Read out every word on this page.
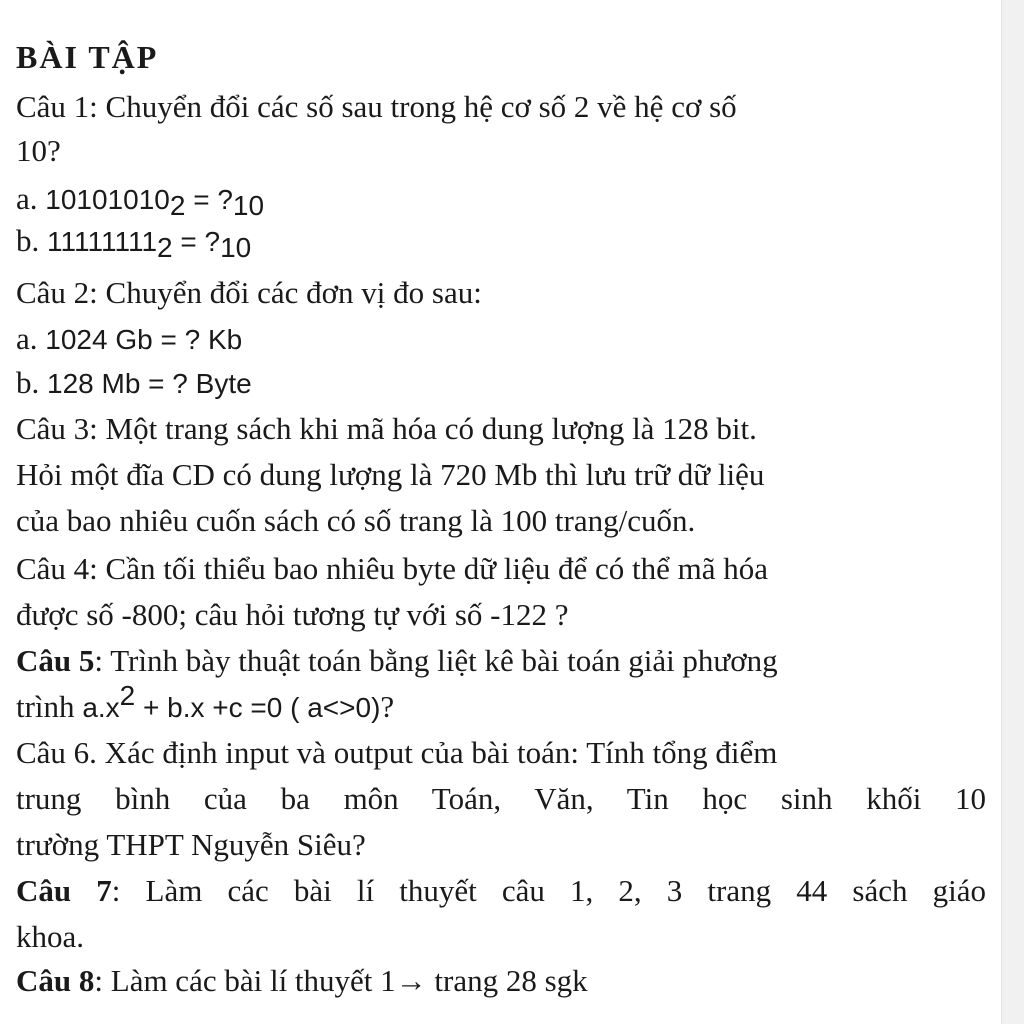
BÀI TẬP
Câu 1: Chuyển đổi các số sau trong hệ cơ số 2 về hệ cơ số
10?
a. $10101010_2$ = $?_{10}$
b. $11111111_2$ = $?_{10}$
Câu 2: Chuyển đổi các đơn vị đo sau:
a. 1024 Gb = ? Kb
b. 128 Mb = ? Byte
Câu 3: Một trang sách khi mã hóa có dung lượng là 128 bit.
Hỏi một đĩa CD có dung lượng là 720 Mb thì lưu trữ dữ liệu
của bao nhiêu cuốn sách có số trang là 100 trang/cuốn.
Câu 4: Cần tối thiểu bao nhiêu byte dữ liệu để có thể mã hóa
được số -800; câu hỏi tương tự với số -122 ?
Câu 5: Trình bày thuật toán bằng liệt kê bài toán giải phương
trình $a.x^2 + b.x +c =0$ ( a<>0)?
Câu 6. Xác định input và output của bài toán: Tính tổng điểm
trung bình của ba môn Toán, Văn, Tin học sinh khối 10
trường THPT Nguyễn Siêu?
Câu 7: Làm các bài lí thuyết câu 1, 2, 3 trang 44 sách giáo
khoa.
Câu 8: Làm các bài lí thuyết 1→ trang 28 sgk
